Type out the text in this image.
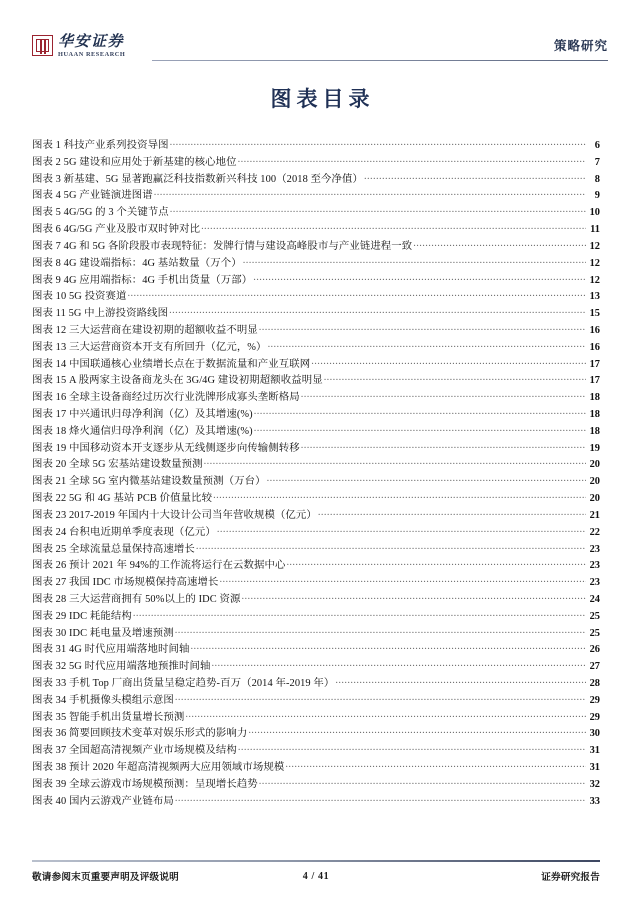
华安证券
HUAAN RESEARCH
策略研究
图表目录
图表 1 科技产业系列投资导图 .....	6
图表 2 5G 建设和应用处于新基建的核心地位 .....	7
图表 3 新基建、5G 显著跑赢泛科技指数新兴科技 100（2018 至今净值） .....	8
图表 4 5G 产业链演进图谱 .....	9
图表 5 4G/5G 的 3 个关键节点 .....	10
图表 6 4G/5G 产业及股市双时钟对比 .....	11
图表 7 4G 和 5G 各阶段股市表现特征：发牌行情与建设高峰股市与产业链进程一致 .....	12
图表 8 4G 建设端指标：4G 基站数量（万个） .....	12
图表 9 4G 应用端指标：4G 手机出货量（万部） .....	12
图表 10 5G 投资赛道 .....	13
图表 11 5G 中上游投资路线图 .....	15
图表 12 三大运营商在建设初期的超额收益不明显 .....	16
图表 13 三大运营商资本开支有所回升（亿元，%） .....	16
图表 14 中国联通核心业绩增长点在于数据流量和产业互联网 .....	17
图表 15 A 股两家主设备商龙头在 3G/4G 建设初期超额收益明显 .....	17
图表 16 全球主设备商经过历次行业洗牌形成寡头垄断格局 .....	18
图表 17 中兴通讯归母净利润（亿）及其增速(%) .....	18
图表 18 烽火通信归母净利润（亿）及其增速(%) .....	18
图表 19 中国移动资本开支逐步从无线侧逐步向传输侧转移 .....	19
图表 20 全球 5G 宏基站建设数量预测 .....	20
图表 21 全球 5G 室内微基站建设数量预测（万台） .....	20
图表 22 5G 和 4G 基站 PCB 价值量比较 .....	20
图表 23 2017-2019 年国内十大设计公司当年营收规模（亿元） .....	21
图表 24 台积电近期单季度表现（亿元） .....	22
图表 25 全球流量总量保持高速增长 .....	23
图表 26 预计 2021 年 94%的工作流将运行在云数据中心 .....	23
图表 27 我国 IDC 市场规模保持高速增长 .....	23
图表 28 三大运营商拥有 50%以上的 IDC 资源 .....	24
图表 29 IDC 耗能结构 .....	25
图表 30 IDC 耗电量及增速预测 .....	25
图表 31 4G 时代应用端落地时间轴 .....	26
图表 32 5G 时代应用端落地预推时间轴 .....	27
图表 33 手机 Top 厂商出货量呈稳定趋势-百万（2014 年-2019 年） .....	28
图表 34 手机摄像头模组示意图 .....	29
图表 35 智能手机出货量增长预测 .....	29
图表 36 简要回顾技术变革对娱乐形式的影响力 .....	30
图表 37 全国超高清视频产业市场规模及结构 .....	31
图表 38 预计 2020 年超高清视频两大应用领域市场规模 .....	31
图表 39 全球云游戏市场规模预测：呈现增长趋势 .....	32
图表 40 国内云游戏产业链布局 .....	33
敬请参阅末页重要声明及评级说明	4 / 41	证券研究报告
